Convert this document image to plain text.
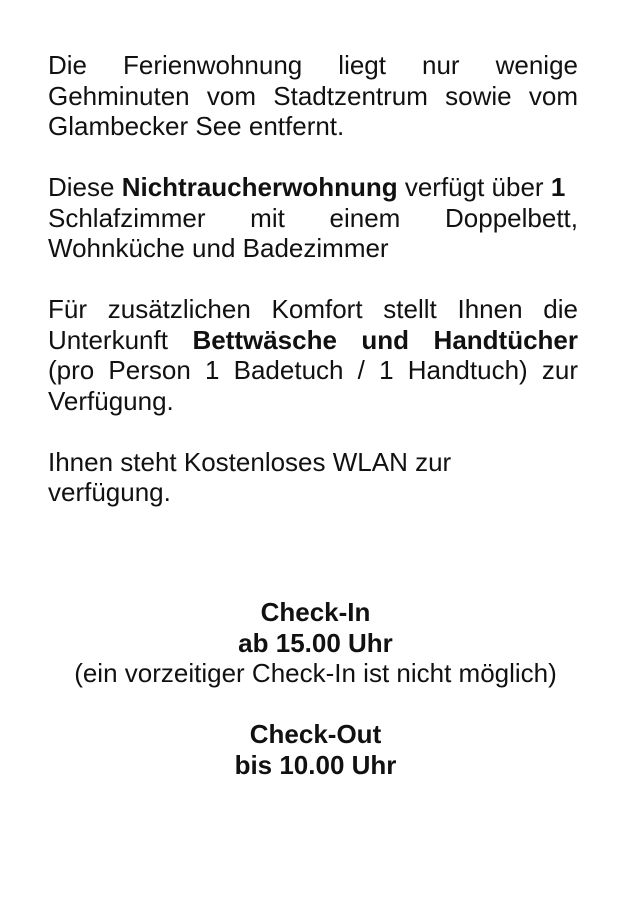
Die Ferienwohnung liegt nur wenige
Gehminuten vom Stadtzentrum sowie vom
Glambecker See entfernt.
Diese Nichtraucherwohnung verfügt über 1
Schlafzimmer mit einem Doppelbett,
Wohnküche und Badezimmer
Für zusätzlichen Komfort stellt Ihnen die
Unterkunft Bettwäsche und Handtücher
(pro Person 1 Badetuch / 1 Handtuch) zur
Verfügung.
Ihnen steht Kostenloses WLAN zur
verfügung.
Check-In
ab 15.00 Uhr
(ein vorzeitiger Check-In ist nicht möglich)
Check-Out
bis 10.00 Uhr
